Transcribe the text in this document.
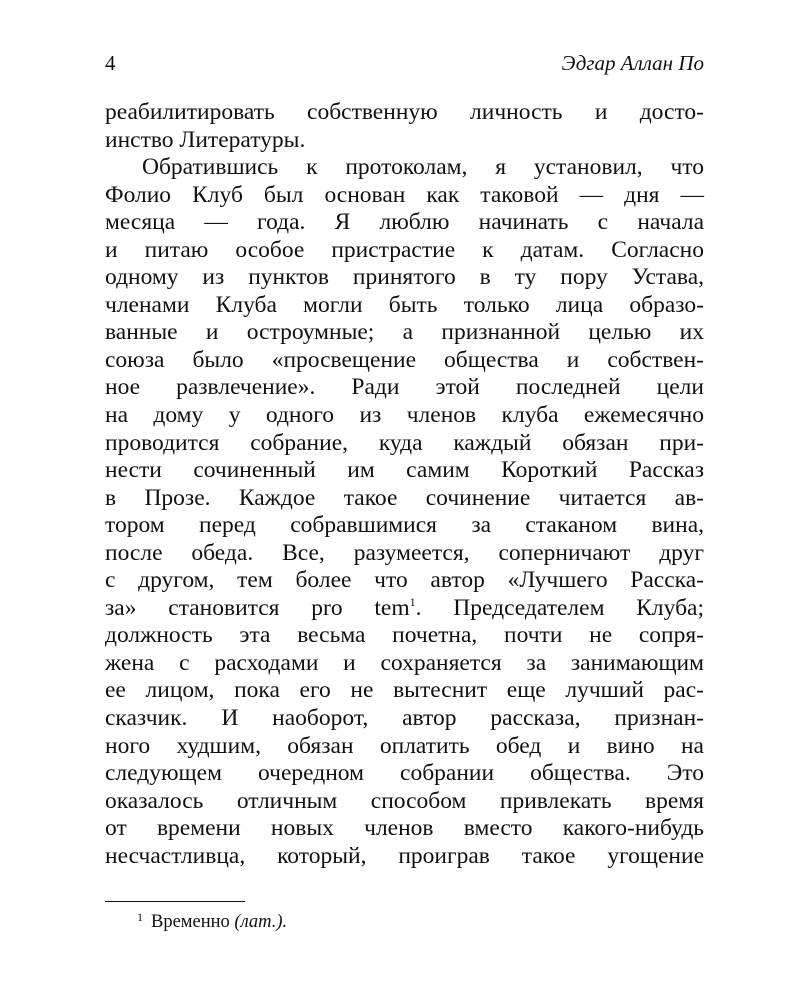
4	Эдгар Аллан По
реабилитировать собственную личность и досто-
инство Литературы.
Обратившись к протоколам, я установил, что
Фолио Клуб был основан как таковой — дня —
месяца — года. Я люблю начинать с начала
и питаю особое пристрастие к датам. Согласно
одному из пунктов принятого в ту пору Устава,
членами Клуба могли быть только лица образо-
ванные и остроумные; а признанной целью их
союза было «просвещение общества и собствен-
ное развлечение». Ради этой последней цели
на дому у одного из членов клуба ежемесячно
проводится собрание, куда каждый обязан при-
нести сочиненный им самим Короткий Рассказ
в Прозе. Каждое такое сочинение читается ав-
тором перед собравшимися за стаканом вина,
после обеда. Все, разумеется, соперничают друг
с другом, тем более что автор «Лучшего Расска-
за» становится pro tem$^1$. Председателем Клуба;
должность эта весьма почетна, почти не сопря-
жена с расходами и сохраняется за занимающим
ее лицом, пока его не вытеснит еще лучший рас-
сказчик. И наоборот, автор рассказа, признан-
ного худшим, обязан оплатить обед и вино на
следующем очередном собрании общества. Это
оказалось отличным способом привлекать время
от времени новых членов вместо какого-нибудь
несчастливца, который, проиграв такое угощение
$^1$ Временно (лат.).
